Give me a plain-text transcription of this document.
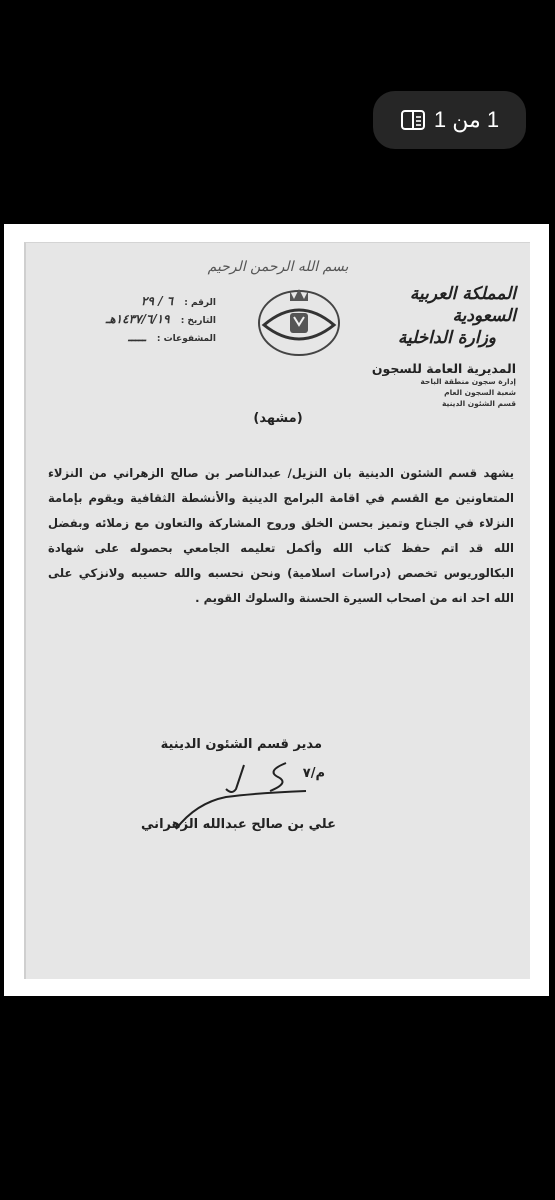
1 من 1
بسم الله الرحمن الرحيم
المملكة العربية السعودية
وزارة الداخلية
المديرية العامة للسجون
إدارة سجون منطقة الباحة
شعبة السجون العام
قسم الشئون الدينية
الرقم : ٦ / ٢٩
التاريخ : ١٤٣٧/٦/١٩هـ
المشفوعات : ـــــ
(مشهد)

يشهد قسم الشئون الدينية بان النزيل/ عبدالناصر بن صالح الزهراني من النزلاء المتعاونين مع القسم في اقامة البرامج الدينية والأنشطة الثقافية ويقوم بإمامة النزلاء في الجناح وتميز بحسن الخلق وروح المشاركة والتعاون مع زملائه وبفضل الله قد اتم حفظ كتاب الله وأكمل تعليمه الجامعي بحصوله على شهادة البكالوريوس تخصص (دراسات اسلامية) ونحن نحسبه والله حسيبه ولانزكي على الله احد انه من اصحاب السيرة الحسنة والسلوك القويم .

مدير قسم الشئون الدينية
م/٧
علي بن صالح عبدالله الزهراني
